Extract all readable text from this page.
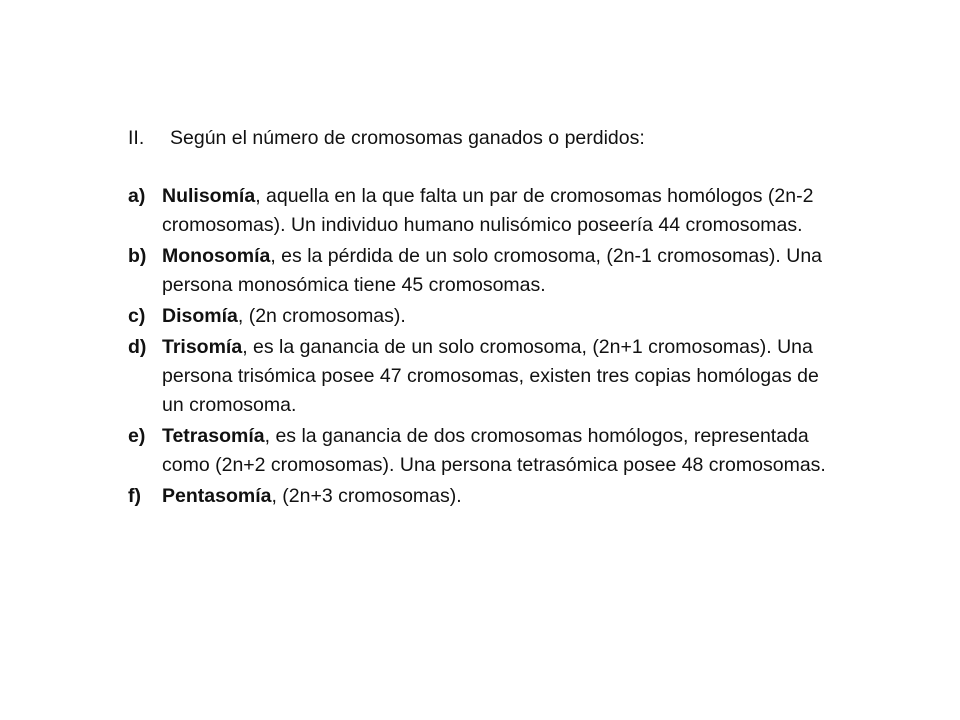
II.	Según el número de cromosomas ganados o perdidos:
a) Nulisomía, aquella en la que falta un par de cromosomas homólogos (2n-2 cromosomas). Un individuo humano nulisómico poseería 44 cromosomas.
b) Monosomía, es la pérdida de un solo cromosoma, (2n-1 cromosomas). Una persona monosómica tiene 45 cromosomas.
c) Disomía, (2n cromosomas).
d) Trisomía, es la ganancia de un solo cromosoma, (2n+1 cromosomas). Una persona trisómica posee 47 cromosomas, existen tres copias homólogas de un cromosoma.
e) Tetrasomía, es la ganancia de dos cromosomas homólogos, representada como (2n+2 cromosomas). Una persona tetrasómica posee 48 cromosomas.
f)	Pentasomía, (2n+3 cromosomas).
